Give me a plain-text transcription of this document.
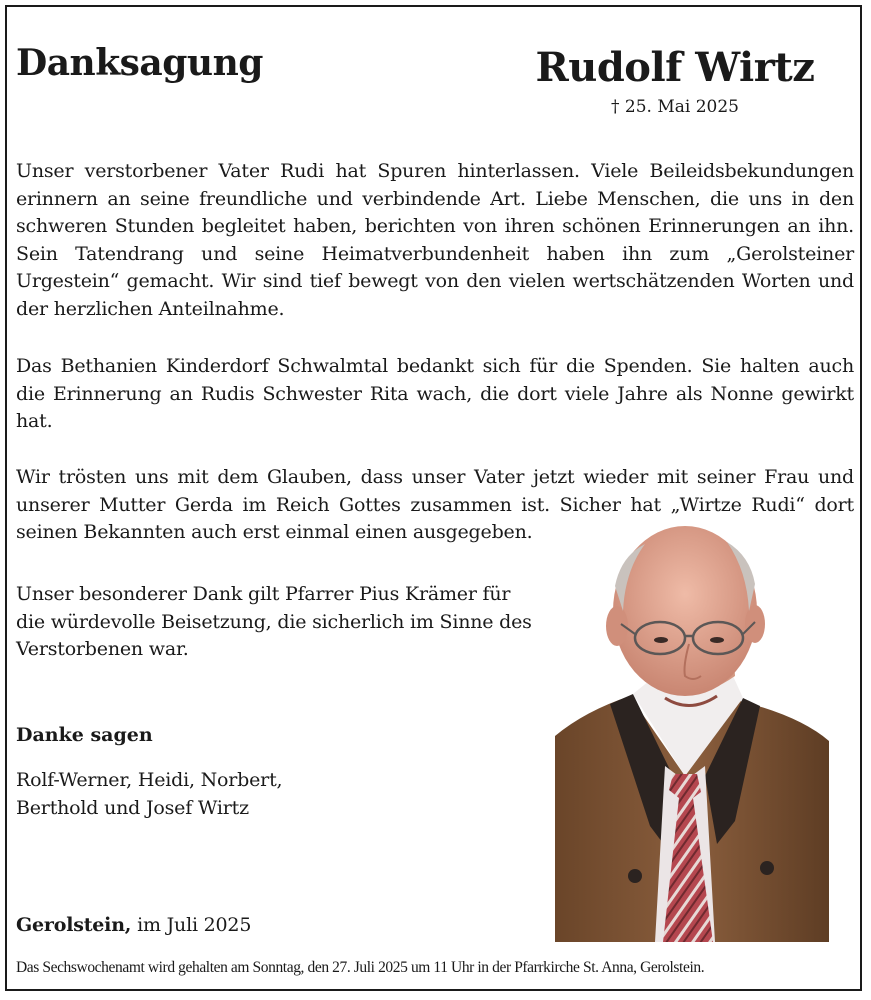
Danksagung	Rudolf Wirtz
† 25. Mai 2025

Unser verstorbener Vater Rudi hat Spuren hinterlassen. Viele Beileidsbekundungen erinnern an seine freundliche und verbindende Art. Liebe Menschen, die uns in den schweren Stunden begleitet haben, berichten von ihren schönen Erinnerungen an ihn. Sein Tatendrang und seine Heimatverbundenheit haben ihn zum „Gerolsteiner Urgestein“ gemacht. Wir sind tief bewegt von den vielen wertschätzenden Worten und der herzlichen Anteilnahme.

Das Bethanien Kinderdorf Schwalmtal bedankt sich für die Spenden. Sie halten auch die Erinnerung an Rudis Schwester Rita wach, die dort viele Jahre als Nonne gewirkt hat.

Wir trösten uns mit dem Glauben, dass unser Vater jetzt wieder mit seiner Frau und unserer Mutter Gerda im Reich Gottes zusammen ist. Sicher hat „Wirtze Rudi“ dort seinen Bekannten auch erst einmal einen ausgegeben.

Unser besonderer Dank gilt Pfarrer Pius Krämer für die würdevolle Beisetzung, die sicherlich im Sinne des Verstorbenen war.

Danke sagen
Rolf-Werner, Heidi, Norbert,
Berthold und Josef Wirtz
Gerolstein, im Juli 2025
Das Sechswochenamt wird gehalten am Sonntag, den 27. Juli 2025 um 11 Uhr in der Pfarrkirche St. Anna, Gerolstein.
